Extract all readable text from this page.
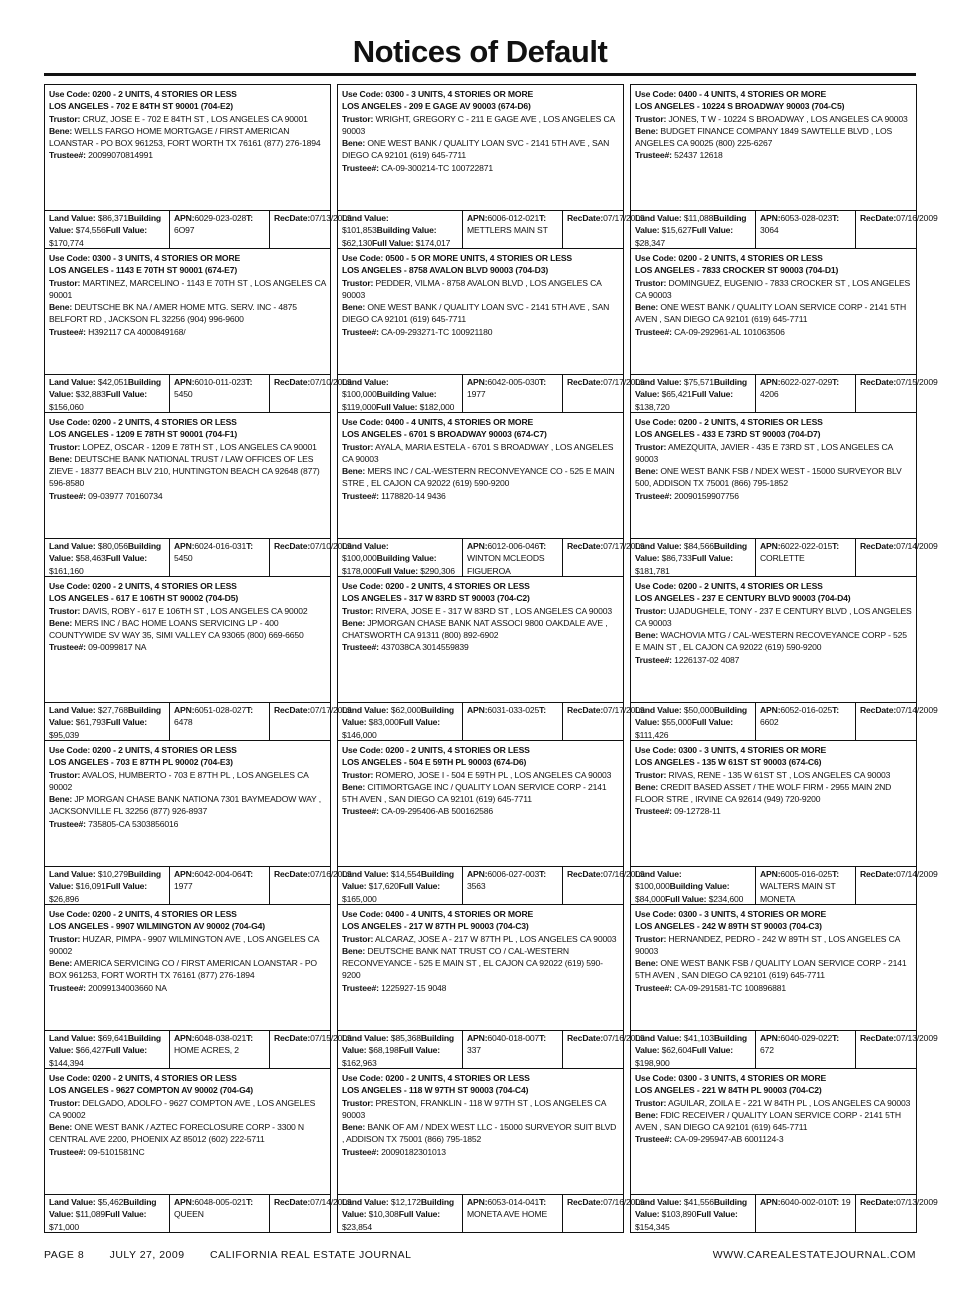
Notices of Default
Use Code: 0200 - 2 UNITS, 4 STORIES OR LESS
LOS ANGELES - 702 E 84TH ST 90001 (704-E2)
Trustor: CRUZ, JOSE E - 702 E 84TH ST , LOS ANGELES CA 90001
Bene: WELLS FARGO HOME MORTGAGE / FIRST AMERICAN LOANSTAR - PO BOX 961253, FORT WORTH TX 76161 (877) 276-1894
Trustee#: 20099070814991
Land Value: $86,371Building Value: $74,556Full Value: $170,774
APN:6029-023-028T: 6O97
RecDate:07/13/2009
Use Code: 0300 - 3 UNITS, 4 STORIES OR MORE
LOS ANGELES - 1143 E 70TH ST 90001 (674-E7)
Trustor: MARTINEZ, MARCELINO - 1143 E 70TH ST , LOS ANGELES CA 90001
Bene: DEUTSCHE BK NA / AMER HOME MTG. SERV. INC - 4875 BELFORT RD , JACKSON FL 32256 (904) 996-9600
Trustee#: H392117 CA 4000849168/
Land Value: $42,051Building Value: $32,883Full Value: $156,060
APN:6010-011-023T: 5450
RecDate:07/10/2009
Use Code: 0200 - 2 UNITS, 4 STORIES OR LESS
LOS ANGELES - 1209 E 78TH ST 90001 (704-F1)
Trustor: LOPEZ, OSCAR - 1209 E 78TH ST , LOS ANGELES CA 90001
Bene: DEUTSCHE BANK NATIONAL TRUST / LAW OFFICES OF LES ZIEVE - 18377 BEACH BLV 210, HUNTINGTON BEACH CA 92648 (877) 596-8580
Trustee#: 09-03977 70160734
Land Value: $80,056Building Value: $58,463Full Value: $161,160
APN:6024-016-031T: 5450
RecDate:07/10/2009
Use Code: 0200 - 2 UNITS, 4 STORIES OR LESS
LOS ANGELES - 617 E 106TH ST 90002 (704-D5)
Trustor: DAVIS, ROBY - 617 E 106TH ST , LOS ANGELES CA 90002
Bene: MERS INC / BAC HOME LOANS SERVICING LP - 400 COUNTYWIDE SV WAY 35, SIMI VALLEY CA 93065 (800) 669-6650
Trustee#: 09-0099817 NA
Land Value: $27,768Building Value: $61,793Full Value: $95,039
APN:6051-028-027T: 6478
RecDate:07/17/2009
Use Code: 0200 - 2 UNITS, 4 STORIES OR LESS
LOS ANGELES - 703 E 87TH PL 90002 (704-E3)
Trustor: AVALOS, HUMBERTO - 703 E 87TH PL , LOS ANGELES CA 90002
Bene: JP MORGAN CHASE BANK NATIONA 7301 BAYMEADOW WAY , JACKSONVILLE FL 32256 (877) 926-8937
Trustee#: 735805-CA 5303856016
Land Value: $10,279Building Value: $16,091Full Value: $26,896
APN:6042-004-064T: 1977
RecDate:07/16/2009
Use Code: 0200 - 2 UNITS, 4 STORIES OR LESS
LOS ANGELES - 9907 WILMINGTON AV 90002 (704-G4)
Trustor: HUZAR, PIMPA - 9907 WILMINGTON AVE , LOS ANGELES CA 90002
Bene: AMERICA SERVICING CO / FIRST AMERICAN LOANSTAR - PO BOX 961253, FORT WORTH TX 76161 (877) 276-1894
Trustee#: 20099134003660 NA
Land Value: $69,641Building Value: $66,427Full Value: $144,394
APN:6048-038-021T: HOME ACRES, 2
RecDate:07/15/2009
Use Code: 0200 - 2 UNITS, 4 STORIES OR LESS
LOS ANGELES - 9627 COMPTON AV 90002 (704-G4)
Trustor: DELGADO, ADOLFO - 9627 COMPTON AVE , LOS ANGELES CA 90002
Bene: ONE WEST BANK / AZTEC FORECLOSURE CORP - 3300 N CENTRAL AVE 2200, PHOENIX AZ 85012 (602) 222-5711
Trustee#: 09-5101581NC
Land Value: $5,462Building Value: $11,089Full Value: $71,000
APN:6048-005-021T: QUEEN
RecDate:07/14/2009
Use Code: 0300 - 3 UNITS, 4 STORIES OR MORE
LOS ANGELES - 209 E GAGE AV 90003 (674-D6)
Trustor: WRIGHT, GREGORY C - 211 E GAGE AVE , LOS ANGELES CA 90003
Bene: ONE WEST BANK / QUALITY LOAN SVC - 2141 5TH AVE , SAN DIEGO CA 92101 (619) 645-7711
Trustee#: CA-09-300214-TC 100722871
Land Value: $101,853Building Value: $62,130Full Value: $174,017
APN:6006-012-021T: METTLERS MAIN ST
RecDate:07/17/2009
Use Code: 0500 - 5 OR MORE UNITS, 4 STORIES OR LESS
LOS ANGELES - 8758 AVALON BLVD 90003 (704-D3)
Trustor: PEDDER, VILMA - 8758 AVALON BLVD , LOS ANGELES CA 90003
Bene: ONE WEST BANK / QUALITY LOAN SVC - 2141 5TH AVE , SAN DIEGO CA 92101 (619) 645-7711
Trustee#: CA-09-293271-TC 100921180
Land Value: $100,000Building Value: $119,000Full Value: $182,000
APN:6042-005-030T: 1977
RecDate:07/17/2009
Use Code: 0400 - 4 UNITS, 4 STORIES OR MORE
LOS ANGELES - 6701 S BROADWAY 90003 (674-C7)
Trustor: AYALA, MARIA ESTELA - 6701 S BROADWAY , LOS ANGELES CA 90003
Bene: MERS INC / CAL-WESTERN RECONVEYANCE CO - 525 E MAIN STRE , EL CAJON CA 92022 (619) 590-9200
Trustee#: 1178820-14 9436
Land Value: $100,000Building Value: $178,000Full Value: $290,306
APN:6012-006-046T: WINTON MCLEODS FIGUEROA
RecDate:07/17/2009
Use Code: 0200 - 2 UNITS, 4 STORIES OR LESS
LOS ANGELES - 317 W 83RD ST 90003 (704-C2)
Trustor: RIVERA, JOSE E - 317 W 83RD ST , LOS ANGELES CA 90003
Bene: JPMORGAN CHASE BANK NAT ASSOCI 9800 OAKDALE AVE , CHATSWORTH CA 91311 (800) 892-6902
Trustee#: 437038CA 3014559839
Land Value: $62,000Building Value: $83,000Full Value: $146,000
APN:6031-033-025T:	RecDate:07/17/2009
Use Code: 0200 - 2 UNITS, 4 STORIES OR LESS
LOS ANGELES - 504 E 59TH PL 90003 (674-D6)
Trustor: ROMERO, JOSE I - 504 E 59TH PL , LOS ANGELES CA 90003
Bene: CITIMORTGAGE INC / QUALITY LOAN SERVICE CORP - 2141 5TH AVEN , SAN DIEGO CA 92101 (619) 645-7711
Trustee#: CA-09-295406-AB 500162586
Land Value: $14,554Building Value: $17,620Full Value: $165,000
APN:6006-027-003T: 3563
RecDate:07/16/2009
Use Code: 0400 - 4 UNITS, 4 STORIES OR MORE
LOS ANGELES - 217 W 87TH PL 90003 (704-C3)
Trustor: ALCARAZ, JOSE A - 217 W 87TH PL , LOS ANGELES CA 90003
Bene: DEUTSCHE BANK NAT TRUST CO / CAL-WESTERN RECONVEYANCE - 525 E MAIN ST , EL CAJON CA 92022 (619) 590-9200
Trustee#: 1225927-15 9048
Land Value: $85,368Building Value: $68,198Full Value: $162,963
APN:6040-018-007T: 337
RecDate:07/16/2009
Use Code: 0200 - 2 UNITS, 4 STORIES OR LESS
LOS ANGELES - 118 W 97TH ST 90003 (704-C4)
Trustor: PRESTON, FRANKLIN - 118 W 97TH ST , LOS ANGELES CA 90003
Bene: BANK OF AM / NDEX WEST LLC - 15000 SURVEYOR SUIT BLVD , ADDISON TX 75001 (866) 795-1852
Trustee#: 20090182301013
Land Value: $12,172Building Value: $10,308Full Value: $23,854
APN:6053-014-041T: MONETA AVE HOME
RecDate:07/16/2009
Use Code: 0400 - 4 UNITS, 4 STORIES OR MORE
LOS ANGELES - 10224 S BROADWAY 90003 (704-C5)
Trustor: JONES, T W - 10224 S BROADWAY , LOS ANGELES CA 90003
Bene: BUDGET FINANCE COMPANY 1849 SAWTELLE BLVD , LOS ANGELES CA 90025 (800) 225-6267
Trustee#: 52437 12618
Land Value: $11,088Building Value: $15,627Full Value: $28,347
APN:6053-028-023T: 3064
RecDate:07/16/2009
Use Code: 0200 - 2 UNITS, 4 STORIES OR LESS
LOS ANGELES - 7833 CROCKER ST 90003 (704-D1)
Trustor: DOMINGUEZ, EUGENIO - 7833 CROCKER ST , LOS ANGELES CA 90003
Bene: ONE WEST BANK / QUALITY LOAN SERVICE CORP - 2141 5TH AVEN , SAN DIEGO CA 92101 (619) 645-7711
Trustee#: CA-09-292961-AL 101063506
Land Value: $75,571Building Value: $65,421Full Value: $138,720
APN:6022-027-029T: 4206
RecDate:07/15/2009
Use Code: 0200 - 2 UNITS, 4 STORIES OR LESS
LOS ANGELES - 433 E 73RD ST 90003 (704-D7)
Trustor: AMEZQUITA, JAVIER - 435 E 73RD ST , LOS ANGELES CA 90003
Bene: ONE WEST BANK FSB / NDEX WEST - 15000 SURVEYOR BLV 500, ADDISON TX 75001 (866) 795-1852
Trustee#: 20090159907756
Land Value: $84,566Building Value: $86,733Full Value: $181,781
APN:6022-022-015T: CORLETTE
RecDate:07/14/2009
Use Code: 0200 - 2 UNITS, 4 STORIES OR LESS
LOS ANGELES - 237 E CENTURY BLVD 90003 (704-D4)
Trustor: UJADUGHELE, TONY - 237 E CENTURY BLVD , LOS ANGELES CA 90003
Bene: WACHOVIA MTG / CAL-WESTERN RECOVEYANCE CORP - 525 E MAIN ST , EL CAJON CA 92022 (619) 590-9200
Trustee#: 1226137-02 4087
Land Value: $50,000Building Value: $55,000Full Value: $111,426
APN:6052-016-025T: 6602
RecDate:07/14/2009
Use Code: 0300 - 3 UNITS, 4 STORIES OR MORE
LOS ANGELES - 135 W 61ST ST 90003 (674-C6)
Trustor: RIVAS, RENE - 135 W 61ST ST , LOS ANGELES CA 90003
Bene: CREDIT BASED ASSET / THE WOLF FIRM - 2955 MAIN 2ND FLOOR STRE , IRVINE CA 92614 (949) 720-9200
Trustee#: 09-12728-11
Land Value: $100,000Building Value: $84,000Full Value: $234,600
APN:6005-016-025T: WALTERS MAIN ST MONETA
RecDate:07/14/2009
Use Code: 0300 - 3 UNITS, 4 STORIES OR MORE
LOS ANGELES - 242 W 89TH ST 90003 (704-C3)
Trustor: HERNANDEZ, PEDRO - 242 W 89TH ST , LOS ANGELES CA 90003
Bene: ONE WEST BANK FSB / QUALITY LOAN SERVICE CORP - 2141 5TH AVEN , SAN DIEGO CA 92101 (619) 645-7711
Trustee#: CA-09-291581-TC 100896881
Land Value: $41,103Building Value: $62,604Full Value: $198,900
APN:6040-029-022T: 672
RecDate:07/13/2009
Use Code: 0300 - 3 UNITS, 4 STORIES OR MORE
LOS ANGELES - 221 W 84TH PL 90003 (704-C2)
Trustor: AGUILAR, ZOILA E - 221 W 84TH PL , LOS ANGELES CA 90003
Bene: FDIC RECEIVER / QUALITY LOAN SERVICE CORP - 2141 5TH AVEN , SAN DIEGO CA 92101 (619) 645-7711
Trustee#: CA-09-295947-AB 6001124-3
Land Value: $41,556Building Value: $103,890Full Value: $154,345
APN:6040-002-010T: 19	RecDate:07/13/2009
PAGE 8 JULY 27, 2009 CALIFORNIA REAL ESTATE JOURNAL	WWW.CAREALESTATEJOURNAL.COM
